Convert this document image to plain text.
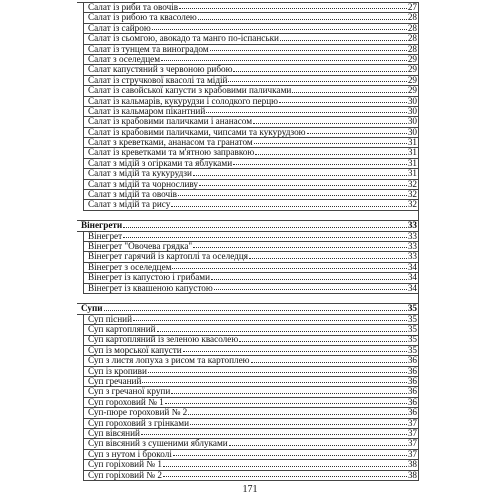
Салат із риби та овочів	27
Салат із рибою та квасолею	28
Салат із сайрою	28
Салат із сьомгою, авокадо та манго по-іспанськи	28
Салат із тунцем та виноградом	28
Салат з оселедцем	29
Салат капустяний з червоною рибою	29
Салат із стручкової квасолі та мідій	29
Салат із савойської капусти з крабовими паличками	29
Салат із кальмарів, кукурудзи і солодкого перцю	30
Салат із кальмаром пікантний	30
Салат із крабовими паличками і ананасом	30
Салат із крабовими паличками, чипсами та кукурудзою	30
Салат з креветками, ананасом та гранатом	31
Салат із креветками та м'ятною заправкою	31
Салат з мідій з огірками та яблуками	31
Салат з мідій та кукурудзи	31
Салат з мідій та чорносливу	32
Салат з мідій та овочів	32
Салат з мідій та рису	32
Вінегрети	33
Вінегрет	33
Вінегрет "Овочева грядка"	33
Вінегрет гарячий із картоплі та оселедця	33
Вінегрет з оселедцем	34
Вінегрет із капустою і грибами	34
Вінегрет із квашеною капустою	34
Супи	35
Суп пісний	35
Суп картопляний	35
Суп картопляний із зеленою квасолею	35
Суп із морської капусти	35
Суп з листя лопуха з рисом та картоплею	36
Суп із кропиви	36
Суп гречаний	36
Суп з гречаної крупи	36
Суп гороховий № 1	36
Суп-пюре гороховий № 2	36
Суп гороховий з грінками	37
Суп вівсяний	37
Суп вівсяний з сушеними яблуками	37
Суп з нутом і броколі	37
Суп горіховий № 1	38
Суп горіховий № 2	38
171
